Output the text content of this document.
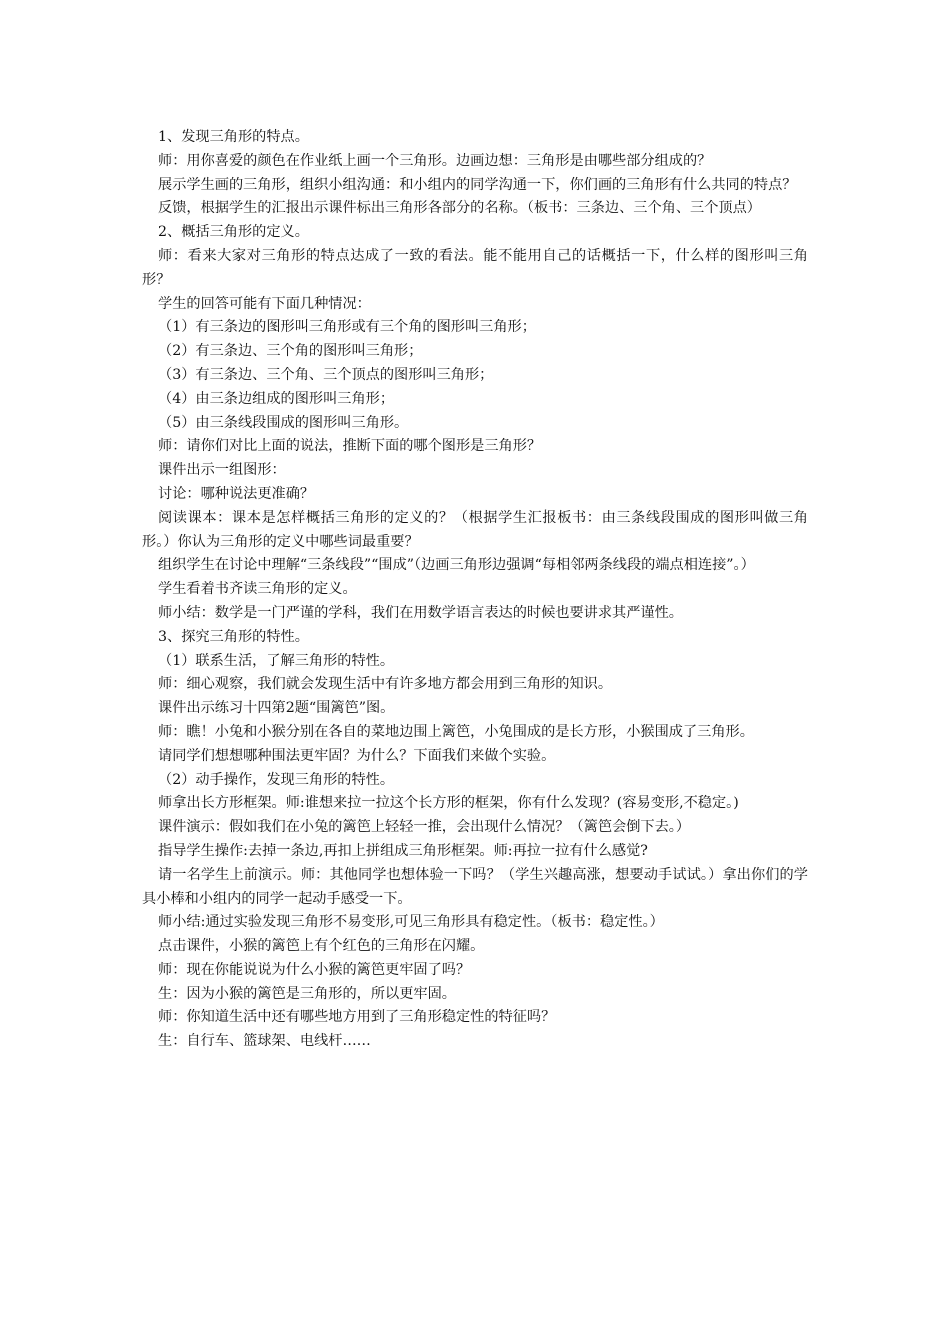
1、发现三角形的特点。

师：用你喜爱的颜色在作业纸上画一个三角形。边画边想：三角形是由哪些部分组成的？

展示学生画的三角形，组织小组沟通：和小组内的同学沟通一下，你们画的三角形有什么共同的特点？

反馈，根据学生的汇报出示课件标出三角形各部分的名称。（板书：三条边、三个角、三个顶点）

2、概括三角形的定义。

师：看来大家对三角形的特点达成了一致的看法。能不能用自己的话概括一下，什么样的图形叫三角形？

学生的回答可能有下面几种情况：

（1）有三条边的图形叫三角形或有三个角的图形叫三角形；

（2）有三条边、三个角的图形叫三角形；

（3）有三条边、三个角、三个顶点的图形叫三角形；

（4）由三条边组成的图形叫三角形；

（5）由三条线段围成的图形叫三角形。

师：请你们对比上面的说法，推断下面的哪个图形是三角形？

课件出示一组图形：

讨论：哪种说法更准确？

阅读课本：课本是怎样概括三角形的定义的？（根据学生汇报板书：由三条线段围成的图形叫做三角形。）你认为三角形的定义中哪些词最重要？

组织学生在讨论中理解“三条线段”“围成”（边画三角形边强调“每相邻两条线段的端点相连接”。）

学生看着书齐读三角形的定义。

师小结：数学是一门严谨的学科，我们在用数学语言表达的时候也要讲求其严谨性。

3、探究三角形的特性。

（1）联系生活，了解三角形的特性。

师：细心观察，我们就会发现生活中有许多地方都会用到三角形的知识。

课件出示练习十四第2题“围篱笆”图。

师：瞧！小兔和小猴分别在各自的菜地边围上篱笆，小兔围成的是长方形，小猴围成了三角形。

请同学们想想哪种围法更牢固？为什么？下面我们来做个实验。

（2）动手操作，发现三角形的特性。

师拿出长方形框架。师:谁想来拉一拉这个长方形的框架，你有什么发现？(容易变形,不稳定。)

课件演示：假如我们在小兔的篱笆上轻轻一推，会出现什么情况？（篱笆会倒下去。）

指导学生操作:去掉一条边,再扣上拼组成三角形框架。师:再拉一拉有什么感觉?

请一名学生上前演示。师：其他同学也想体验一下吗？（学生兴趣高涨，想要动手试试。）拿出你们的学具小棒和小组内的同学一起动手感受一下。

师小结:通过实验发现三角形不易变形,可见三角形具有稳定性。（板书：稳定性。）

点击课件，小猴的篱笆上有个红色的三角形在闪耀。

师：现在你能说说为什么小猴的篱笆更牢固了吗？

生：因为小猴的篱笆是三角形的，所以更牢固。

师：你知道生活中还有哪些地方用到了三角形稳定性的特征吗？

生：自行车、篮球架、电线杆……
